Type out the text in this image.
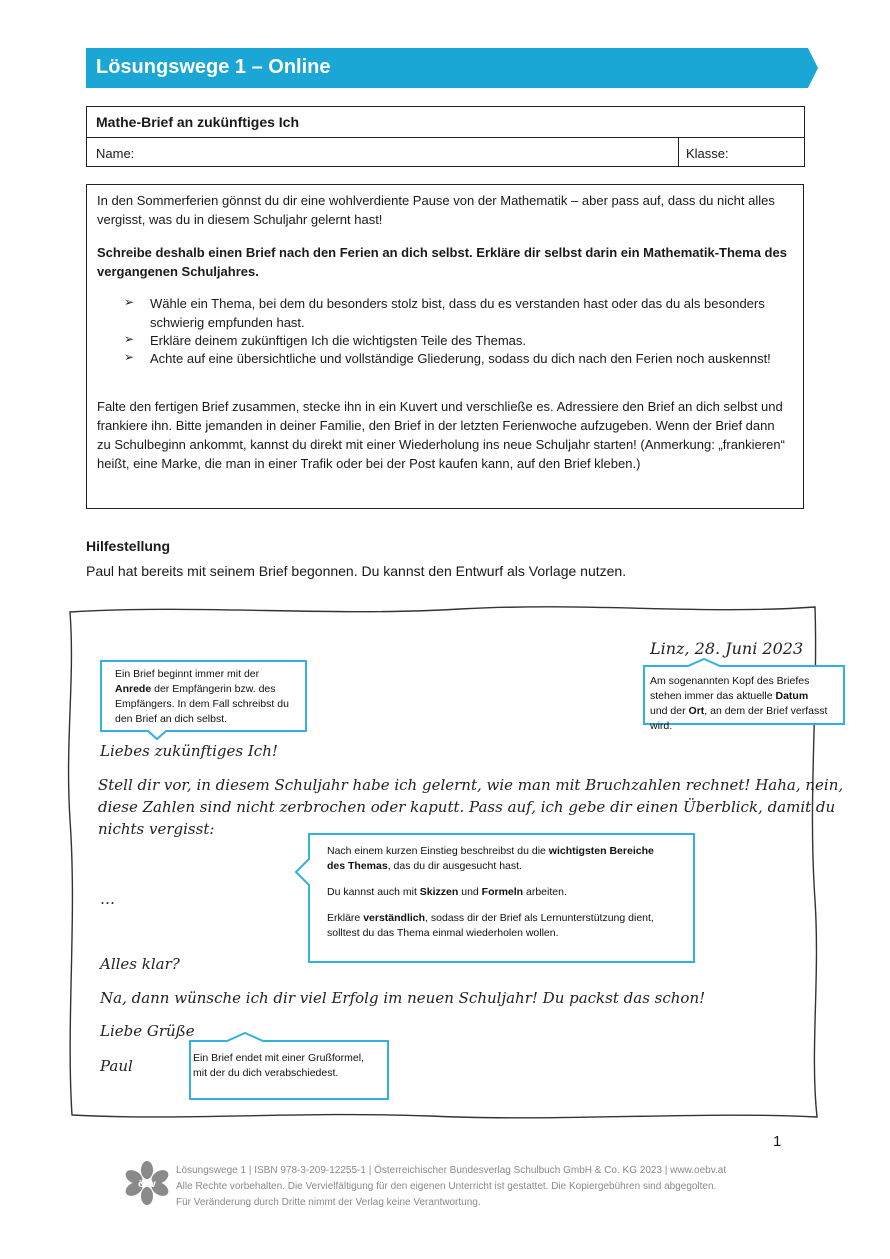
Lösungswege 1 – Online
Mathe-Brief an zukünftiges Ich
Name:	Klasse:
In den Sommerferien gönnst du dir eine wohlverdiente Pause von der Mathematik – aber pass auf, dass du nicht alles vergisst, was du in diesem Schuljahr gelernt hast!
Schreibe deshalb einen Brief nach den Ferien an dich selbst. Erkläre dir selbst darin ein Mathematik-Thema des vergangenen Schuljahres.
➢ Wähle ein Thema, bei dem du besonders stolz bist, dass du es verstanden hast oder das du als besonders schwierig empfunden hast.
➢ Erkläre deinem zukünftigen Ich die wichtigsten Teile des Themas.
➢ Achte auf eine übersichtliche und vollständige Gliederung, sodass du dich nach den Ferien noch auskennst!
Falte den fertigen Brief zusammen, stecke ihn in ein Kuvert und verschließe es. Adressiere den Brief an dich selbst und frankiere ihn. Bitte jemanden in deiner Familie, den Brief in der letzten Ferienwoche aufzugeben. Wenn der Brief dann zu Schulbeginn ankommt, kannst du direkt mit einer Wiederholung ins neue Schuljahr starten! (Anmerkung: „frankieren“ heißt, eine Marke, die man in einer Trafik oder bei der Post kaufen kann, auf den Brief kleben.)
Hilfestellung
Paul hat bereits mit seinem Brief begonnen. Du kannst den Entwurf als Vorlage nutzen.
Linz, 28. Juni 2023
Liebes zukünftiges Ich!
Stell dir vor, in diesem Schuljahr habe ich gelernt, wie man mit Bruchzahlen rechnet! Haha, nein,
diese Zahlen sind nicht zerbrochen oder kaputt. Pass auf, ich gebe dir einen Überblick, damit du
nichts vergisst:
…
Alles klar?
Na, dann wünsche ich dir viel Erfolg im neuen Schuljahr! Du packst das schon!
Liebe Grüße
Paul
Ein Brief beginnt immer mit der
Anrede der Empfängerin bzw. des
Empfängers. In dem Fall schreibst du
den Brief an dich selbst.
Am sogenannten Kopf des Briefes
stehen immer das aktuelle Datum
und der Ort, an dem der Brief verfasst
wird.
Nach einem kurzen Einstieg beschreibst du die wichtigsten Bereiche
des Themas, das du dir ausgesucht hast.
Du kannst auch mit Skizzen und Formeln arbeiten.
Erkläre verständlich, sodass dir der Brief als Lernunterstützung dient,
solltest du das Thema einmal wiederholen wollen.
Ein Brief endet mit einer Grußformel,
mit der du dich verabschiedest.
1
öbv
Lösungswege 1 | ISBN 978-3-209-12255-1 | Österreichischer Bundesverlag Schulbuch GmbH & Co. KG 2023 | www.oebv.at
Alle Rechte vorbehalten. Die Vervielfältigung für den eigenen Unterricht ist gestattet. Die Kopiergebühren sind abgegolten.
Für Veränderung durch Dritte nimmt der Verlag keine Verantwortung.
